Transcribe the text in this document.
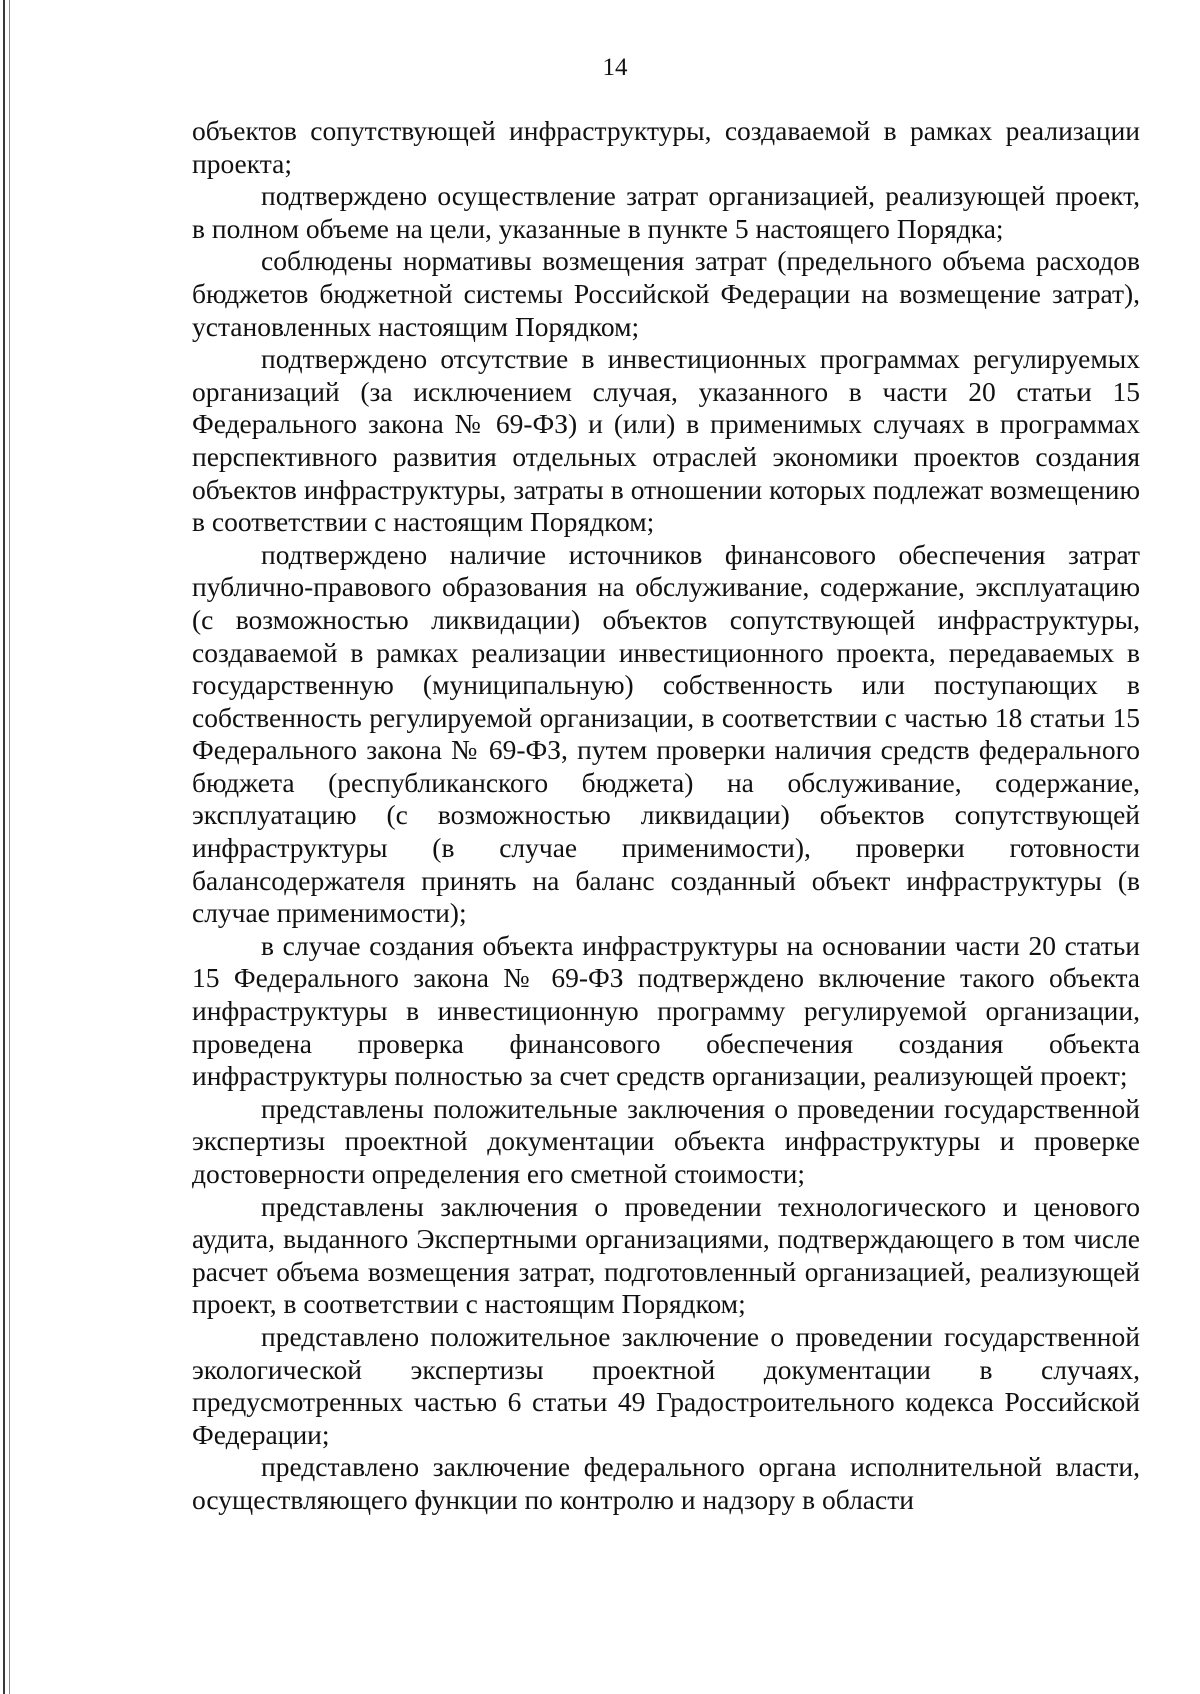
14

объектов сопутствующей инфраструктуры, создаваемой в рамках реализации проекта;

подтверждено осуществление затрат организацией, реализующей проект, в полном объеме на цели, указанные в пункте 5 настоящего Порядка;

соблюдены нормативы возмещения затрат (предельного объема расходов бюджетов бюджетной системы Российской Федерации на возмещение затрат), установленных настоящим Порядком;

подтверждено отсутствие в инвестиционных программах регулируемых организаций (за исключением случая, указанного в части 20 статьи 15 Федерального закона № 69-ФЗ) и (или) в применимых случаях в программах перспективного развития отдельных отраслей экономики проектов создания объектов инфраструктуры, затраты в отношении которых подлежат возмещению в соответствии с настоящим Порядком;

подтверждено наличие источников финансового обеспечения затрат публично-правового образования на обслуживание, содержание, эксплуатацию (с возможностью ликвидации) объектов сопутствующей инфраструктуры, создаваемой в рамках реализации инвестиционного проекта, передаваемых в государственную (муниципальную) собственность или поступающих в собственность регулируемой организации, в соответствии с частью 18 статьи 15 Федерального закона № 69-ФЗ, путем проверки наличия средств федерального бюджета (республиканского бюджета) на обслуживание, содержание, эксплуатацию (с возможностью ликвидации) объектов сопутствующей инфраструктуры (в случае применимости), проверки готовности балансодержателя принять на баланс созданный объект инфраструктуры (в случае применимости);

в случае создания объекта инфраструктуры на основании части 20 статьи 15 Федерального закона № 69-ФЗ подтверждено включение такого объекта инфраструктуры в инвестиционную программу регулируемой организации, проведена проверка финансового обеспечения создания объекта инфраструктуры полностью за счет средств организации, реализующей проект;

представлены положительные заключения о проведении государственной экспертизы проектной документации объекта инфраструктуры и проверке достоверности определения его сметной стоимости;

представлены заключения о проведении технологического и ценового аудита, выданного Экспертными организациями, подтверждающего в том числе расчет объема возмещения затрат, подготовленный организацией, реализующей проект, в соответствии с настоящим Порядком;

представлено положительное заключение о проведении государственной экологической экспертизы проектной документации в случаях, предусмотренных частью 6 статьи 49 Градостроительного кодекса Российской Федерации;

представлено заключение федерального органа исполнительной власти, осуществляющего функции по контролю и надзору в области
